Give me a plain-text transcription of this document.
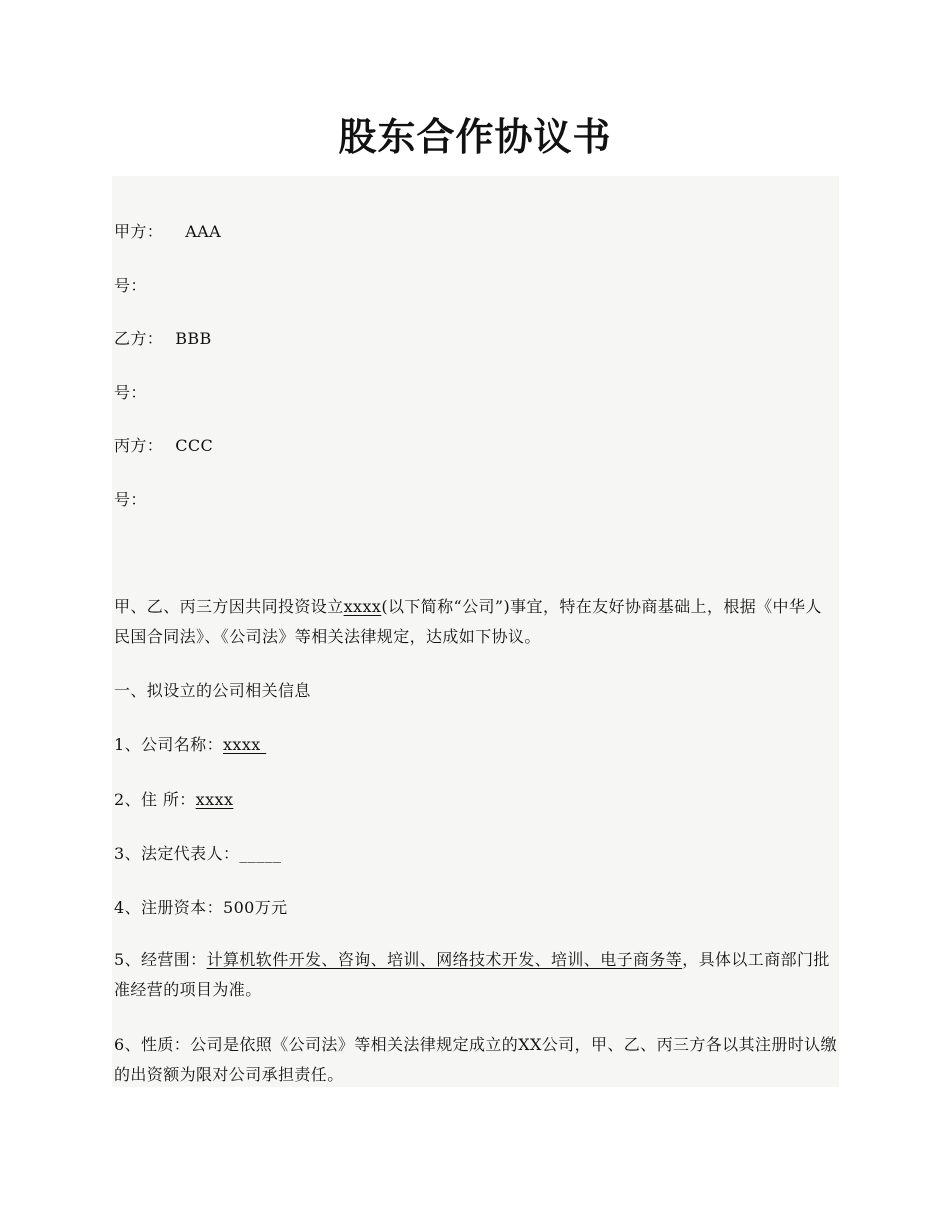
股东合作协议书
甲方： AAA
号：
乙方： BBB
号：
丙方： CCC
号：
甲、乙、丙三方因共同投资设立xxxx(以下简称“公司”)事宜，特在友好协商基础上，根据《中华人民国合同法》、《公司法》等相关法律规定，达成如下协议。
一、拟设立的公司相关信息
1、公司名称：xxxx
2、住 所：xxxx
3、法定代表人：_____
4、注册资本：500万元
5、经营围：计算机软件开发、咨询、培训、网络技术开发、培训、电子商务等，具体以工商部门批准经营的项目为准。
6、性质：公司是依照《公司法》等相关法律规定成立的XX公司，甲、乙、丙三方各以其注册时认缴的出资额为限对公司承担责任。
